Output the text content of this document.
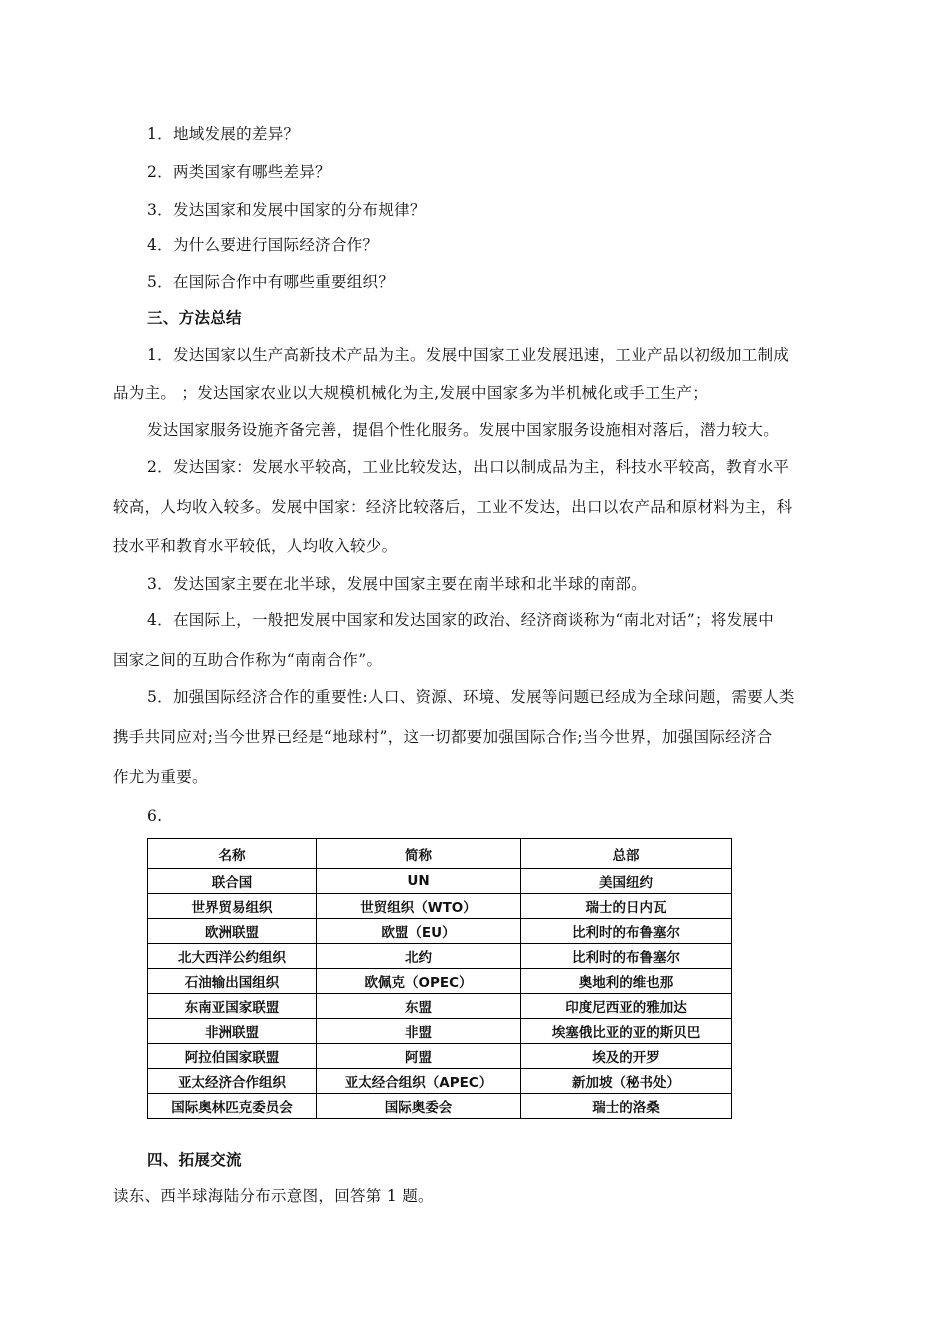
1．地域发展的差异？
2．两类国家有哪些差异？
3．发达国家和发展中国家的分布规律？
4．为什么要进行国际经济合作？
5．在国际合作中有哪些重要组织？
三、方法总结
1．发达国家以生产高新技术产品为主。发展中国家工业发展迅速，工业产品以初级加工制成
品为主。 ；发达国家农业以大规模机械化为主,发展中国家多为半机械化或手工生产；
发达国家服务设施齐备完善，提倡个性化服务。发展中国家服务设施相对落后，潜力较大。
2．发达国家：发展水平较高，工业比较发达，出口以制成品为主，科技水平较高，教育水平
较高，人均收入较多。发展中国家：经济比较落后，工业不发达，出口以农产品和原材料为主，科
技水平和教育水平较低，人均收入较少。
3．发达国家主要在北半球，发展中国家主要在南半球和北半球的南部。
4．在国际上，一般把发展中国家和发达国家的政治、经济商谈称为“南北对话”；将发展中
国家之间的互助合作称为“南南合作”。
5．加强国际经济合作的重要性:人口、资源、环境、发展等问题已经成为全球问题，需要人类
携手共同应对;当今世界已经是“地球村”，这一切都要加强国际合作;当今世界，加强国际经济合
作尤为重要。
6.
名称	简称	总部
联合国	UN	美国纽约
世界贸易组织	世贸组织（WTO）	瑞士的日内瓦
欧洲联盟	欧盟（EU）	比利时的布鲁塞尔
北大西洋公约组织	北约	比利时的布鲁塞尔
石油输出国组织	欧佩克（OPEC）	奥地利的维也那
东南亚国家联盟	东盟	印度尼西亚的雅加达
非洲联盟	非盟	埃塞俄比亚的亚的斯贝巴
阿拉伯国家联盟	阿盟	埃及的开罗
亚太经济合作组织	亚太经合组织（APEC）	新加坡（秘书处）
国际奥林匹克委员会	国际奥委会	瑞士的洛桑
四、拓展交流
读东、西半球海陆分布示意图，回答第 1 题。
